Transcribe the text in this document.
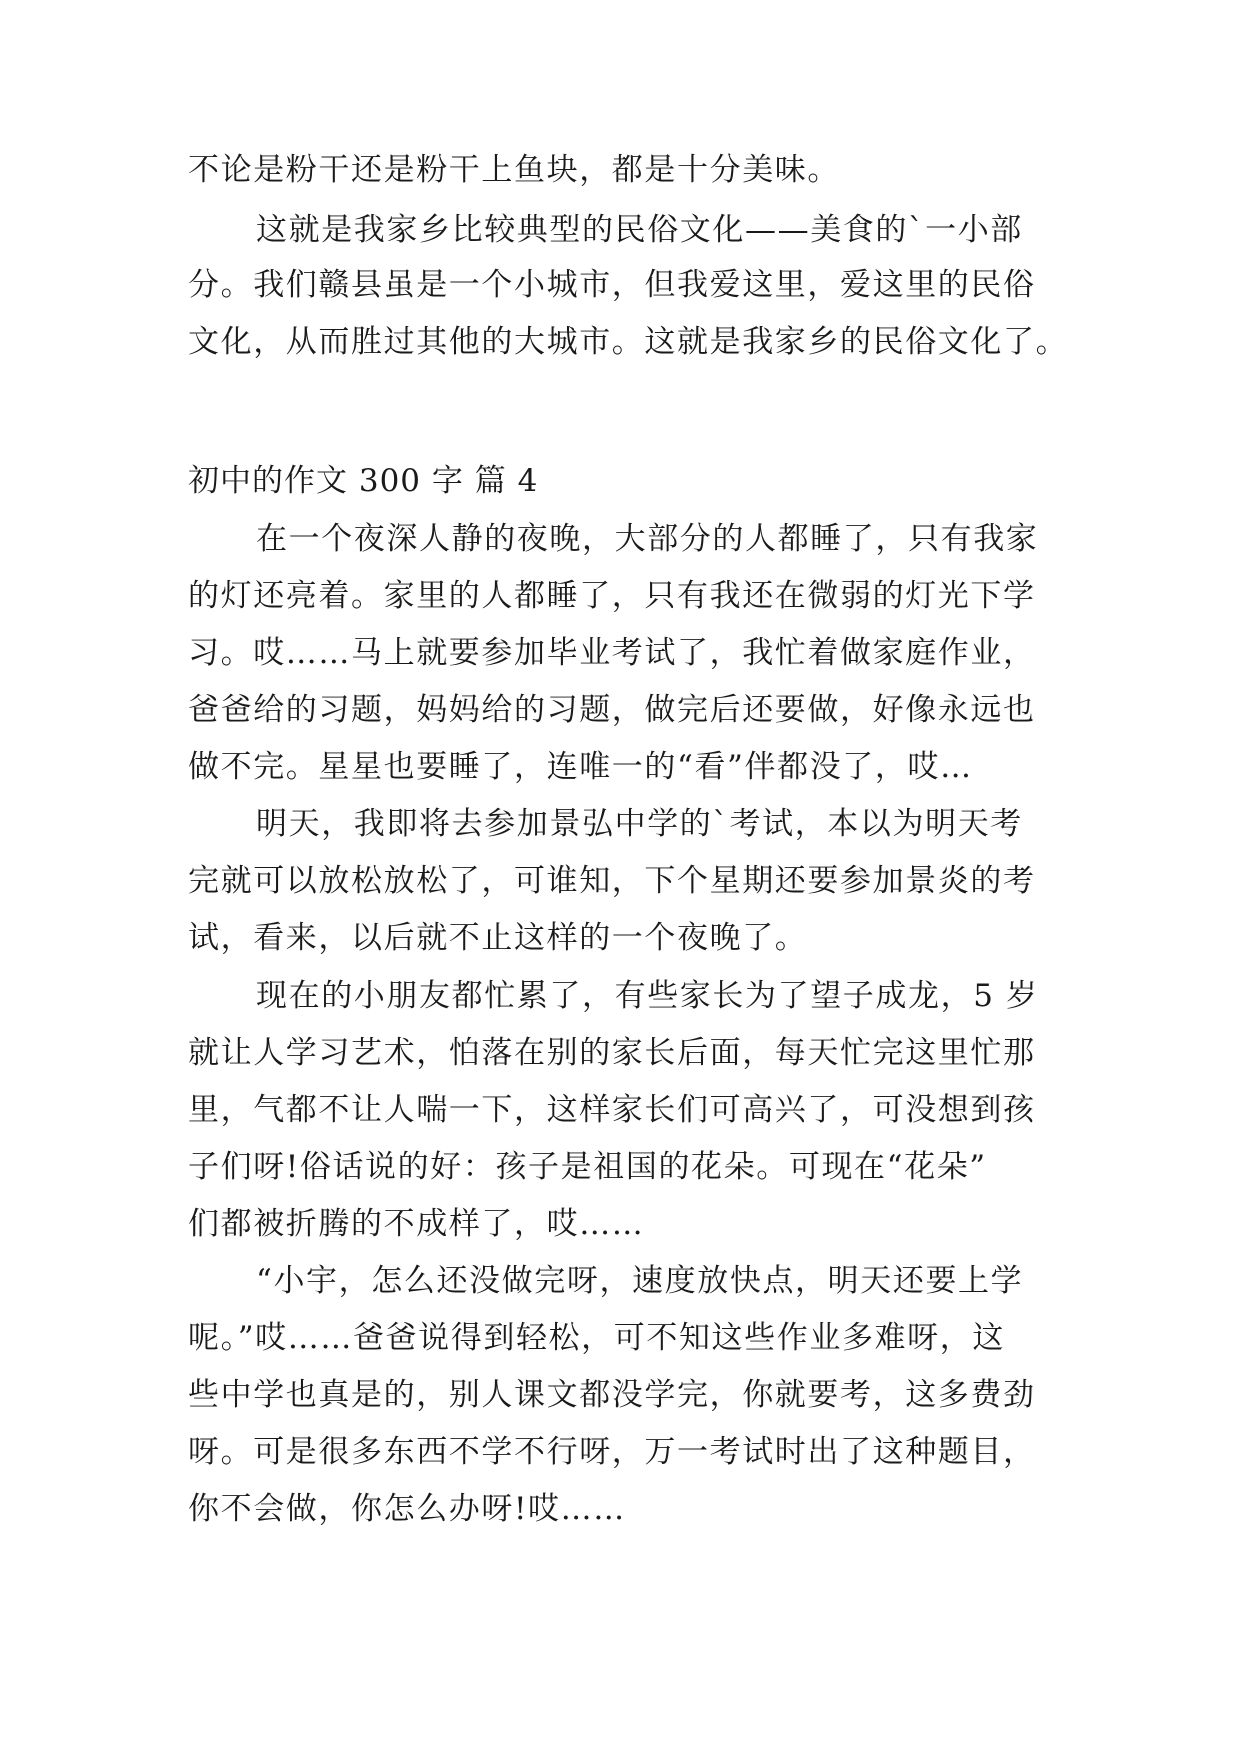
不论是粉干还是粉干上鱼块，都是十分美味。
这就是我家乡比较典型的民俗文化——美食的`一小部
分。我们赣县虽是一个小城市，但我爱这里，爱这里的民俗
文化，从而胜过其他的大城市。这就是我家乡的民俗文化了。
初中的作文 300 字 篇 4
在一个夜深人静的夜晚，大部分的人都睡了，只有我家
的灯还亮着。家里的人都睡了，只有我还在微弱的灯光下学
习。哎……马上就要参加毕业考试了，我忙着做家庭作业，
爸爸给的习题，妈妈给的习题，做完后还要做，好像永远也
做不完。星星也要睡了，连唯一的“看”伴都没了，哎…
明天，我即将去参加景弘中学的`考试，本以为明天考
完就可以放松放松了，可谁知，下个星期还要参加景炎的考
试，看来，以后就不止这样的一个夜晚了。
现在的小朋友都忙累了，有些家长为了望子成龙，5 岁
就让人学习艺术，怕落在别的家长后面，每天忙完这里忙那
里，气都不让人喘一下，这样家长们可高兴了，可没想到孩
子们呀!俗话说的好：孩子是祖国的花朵。可现在“花朵”
们都被折腾的不成样了，哎……
“小宇，怎么还没做完呀，速度放快点，明天还要上学
呢。”哎……爸爸说得到轻松，可不知这些作业多难呀，这
些中学也真是的，别人课文都没学完，你就要考，这多费劲
呀。可是很多东西不学不行呀，万一考试时出了这种题目，
你不会做，你怎么办呀!哎……
